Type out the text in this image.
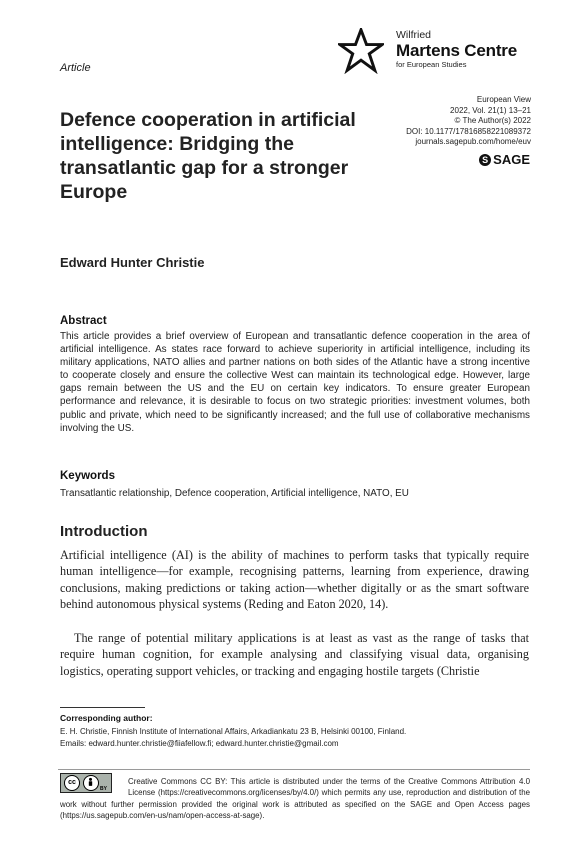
Article
Wilfried
Martens Centre
for European Studies
Defence cooperation in artificial intelligence: Bridging the transatlantic gap for a stronger Europe
European View
2022, Vol. 21(1) 13–21
© The Author(s) 2022
DOI: 10.1177/17816858221089372
journals.sagepub.com/home/euv
S SAGE
Edward Hunter Christie
Abstract
This article provides a brief overview of European and transatlantic defence cooperation in the area of artificial intelligence. As states race forward to achieve superiority in artificial intelligence, including its military applications, NATO allies and partner nations on both sides of the Atlantic have a strong incentive to cooperate closely and ensure the collective West can maintain its technological edge. However, large gaps remain between the US and the EU on certain key indicators. To ensure greater European performance and relevance, it is desirable to focus on two strategic priorities: investment volumes, both public and private, which need to be significantly increased; and the full use of collaborative mechanisms involving the US.
Keywords
Transatlantic relationship, Defence cooperation, Artificial intelligence, NATO, EU
Introduction
Artificial intelligence (AI) is the ability of machines to perform tasks that typically require human intelligence—for example, recognising patterns, learning from experience, drawing conclusions, making predictions or taking action—whether digitally or as the smart software behind autonomous physical systems (Reding and Eaton 2020, 14).
The range of potential military applications is at least as vast as the range of tasks that require human cognition, for example analysing and classifying visual data, organising logistics, operating support vehicles, or tracking and engaging hostile targets (Christie
Corresponding author:
E. H. Christie, Finnish Institute of International Affairs, Arkadiankatu 23 B, Helsinki 00100, Finland.
Emails: edward.hunter.christie@fiiafellow.fi; edward.hunter.christie@gmail.com
cc
BY
Creative Commons CC BY: This article is distributed under the terms of the Creative Commons Attribution 4.0 License (https://creativecommons.org/licenses/by/4.0/) which permits any use, reproduction and distribution of the work without further permission provided the original work is attributed as specified on the SAGE and Open Access pages (https://us.sagepub.com/en-us/nam/open-access-at-sage).
